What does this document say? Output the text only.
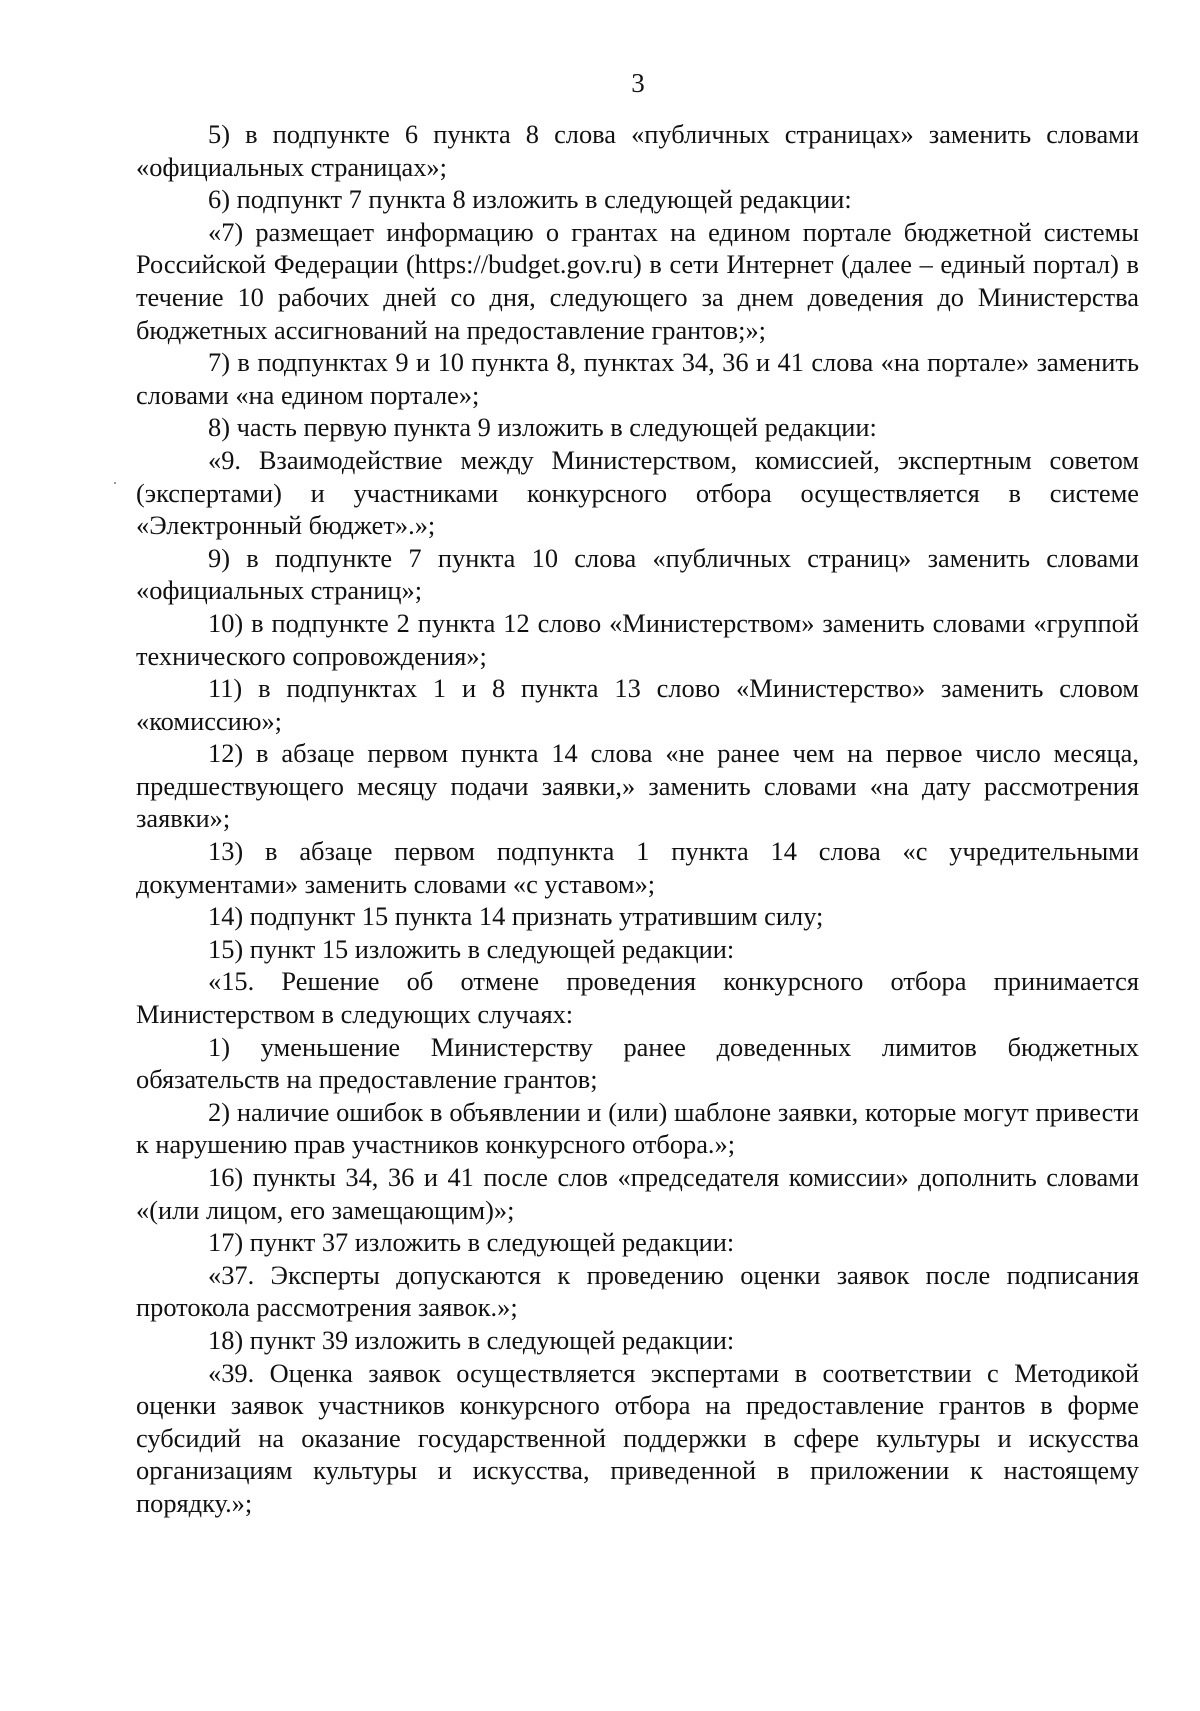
3

5) в подпункте 6 пункта 8 слова «публичных страницах» заменить словами «официальных страницах»;

6) подпункт 7 пункта 8 изложить в следующей редакции:

«7) размещает информацию о грантах на едином портале бюджетной системы Российской Федерации (https://budget.gov.ru) в сети Интернет (далее – единый портал) в течение 10 рабочих дней со дня, следующего за днем доведения до Министерства бюджетных ассигнований на предоставление грантов;»;

7) в подпунктах 9 и 10 пункта 8, пунктах 34, 36 и 41 слова «на портале» заменить словами «на едином портале»;

8) часть первую пункта 9 изложить в следующей редакции:

«9. Взаимодействие между Министерством, комиссией, экспертным советом (экспертами) и участниками конкурсного отбора осуществляется в системе «Электронный бюджет».»;

9) в подпункте 7 пункта 10 слова «публичных страниц» заменить словами «официальных страниц»;

10) в подпункте 2 пункта 12 слово «Министерством» заменить словами «группой технического сопровождения»;

11) в подпунктах 1 и 8 пункта 13 слово «Министерство» заменить словом «комиссию»;

12) в абзаце первом пункта 14 слова «не ранее чем на первое число месяца, предшествующего месяцу подачи заявки,» заменить словами «на дату рассмотрения заявки»;

13) в абзаце первом подпункта 1 пункта 14 слова «с учредительными документами» заменить словами «с уставом»;

14) подпункт 15 пункта 14 признать утратившим силу;

15) пункт 15 изложить в следующей редакции:

«15. Решение об отмене проведения конкурсного отбора принимается Министерством в следующих случаях:

1) уменьшение Министерству ранее доведенных лимитов бюджетных обязательств на предоставление грантов;

2) наличие ошибок в объявлении и (или) шаблоне заявки, которые могут привести к нарушению прав участников конкурсного отбора.»;

16) пункты 34, 36 и 41 после слов «председателя комиссии» дополнить словами «(или лицом, его замещающим)»;

17) пункт 37 изложить в следующей редакции:

«37. Эксперты допускаются к проведению оценки заявок после подписания протокола рассмотрения заявок.»;

18) пункт 39 изложить в следующей редакции:

«39. Оценка заявок осуществляется экспертами в соответствии с Методикой оценки заявок участников конкурсного отбора на предоставление грантов в форме субсидий на оказание государственной поддержки в сфере культуры и искусства организациям культуры и искусства, приведенной в приложении к настоящему порядку.»;
